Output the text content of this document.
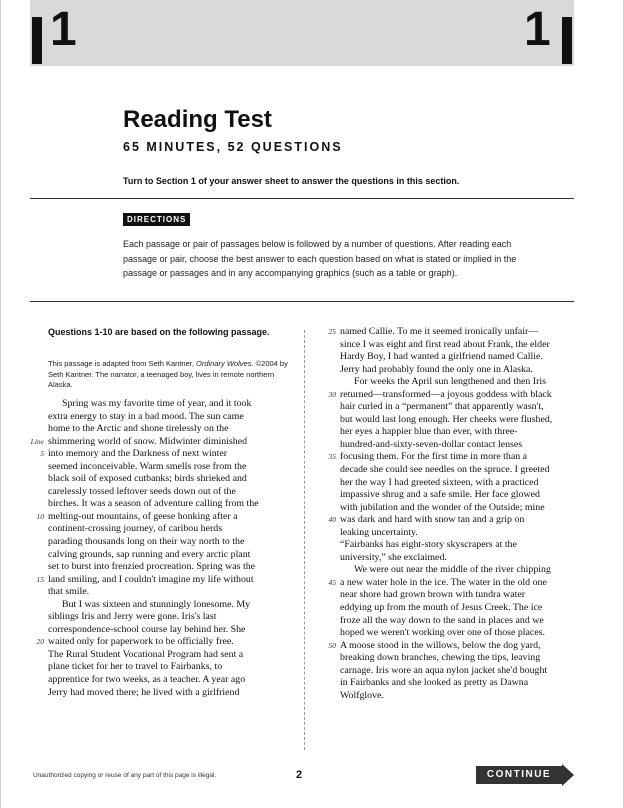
1	1
Reading Test
65 MINUTES, 52 QUESTIONS
Turn to Section 1 of your answer sheet to answer the questions in this section.
DIRECTIONS
Each passage or pair of passages below is followed by a number of questions. After reading each passage or pair, choose the best answer to each question based on what is stated or implied in the passage or passages and in any accompanying graphics (such as a table or graph).
Questions 1-10 are based on the following passage.
This passage is adapted from Seth Kantner, Ordinary Wolves. ©2004 by Seth Kantner. The narrator, a teenaged boy, lives in remote northern Alaska.
Spring was my favorite time of year, and it took
extra energy to stay in a bad mood. The sun came
home to the Arctic and shone tirelessly on the
Line shimmering world of snow. Midwinter diminished
5 into memory and the Darkness of next winter
seemed inconceivable. Warm smells rose from the
black soil of exposed cutbanks; birds shrieked and
carelessly tossed leftover seeds down out of the
birches. It was a season of adventure calling from the
10 melting-out mountains, of geese honking after a
continent-crossing journey, of caribou herds
parading thousands long on their way north to the
calving grounds, sap running and every arctic plant
set to burst into frenzied procreation. Spring was the
15 land smiling, and I couldn't imagine my life without
that smile.
But I was sixteen and stunningly lonesome. My
siblings Iris and Jerry were gone. Iris's last
correspondence-school course lay behind her. She
20 waited only for paperwork to be officially free.
The Rural Student Vocational Program had sent a
plane ticket for her to travel to Fairbanks, to
apprentice for two weeks, as a teacher. A year ago
Jerry had moved there; he lived with a girlfriend
25 named Callie. To me it seemed ironically unfair—
since I was eight and first read about Frank, the elder
Hardy Boy, I had wanted a girlfriend named Callie.
Jerry had probably found the only one in Alaska.
For weeks the April sun lengthened and then Iris
30 returned—transformed—a joyous goddess with black
hair curled in a “permanent” that apparently wasn't,
but would last long enough. Her cheeks were flushed,
her eyes a happier blue than ever, with three-
hundred-and-sixty-seven-dollar contact lenses
35 focusing them. For the first time in more than a
decade she could see needles on the spruce. I greeted
her the way I had greeted sixteen, with a practiced
impassive shrug and a safe smile. Her face glowed
with jubilation and the wonder of the Outside; mine
40 was dark and hard with snow tan and a grip on
leaking uncertainty.
“Fairbanks has eight-story skyscrapers at the
university,” she exclaimed.
We were out near the middle of the river chipping
45 a new water hole in the ice. The water in the old one
near shore had grown brown with tundra water
eddying up from the mouth of Jesus Creek. The ice
froze all the way down to the sand in places and we
hoped we weren't working over one of those places.
50 A moose stood in the willows, below the dog yard,
breaking down branches, chewing the tips, leaving
carnage. Iris wore an aqua nylon jacket she'd bought
in Fairbanks and she looked as pretty as Dawna
Wolfglove.
Unauthorized copying or reuse of any part of this page is illegal.	2	CONTINUE
